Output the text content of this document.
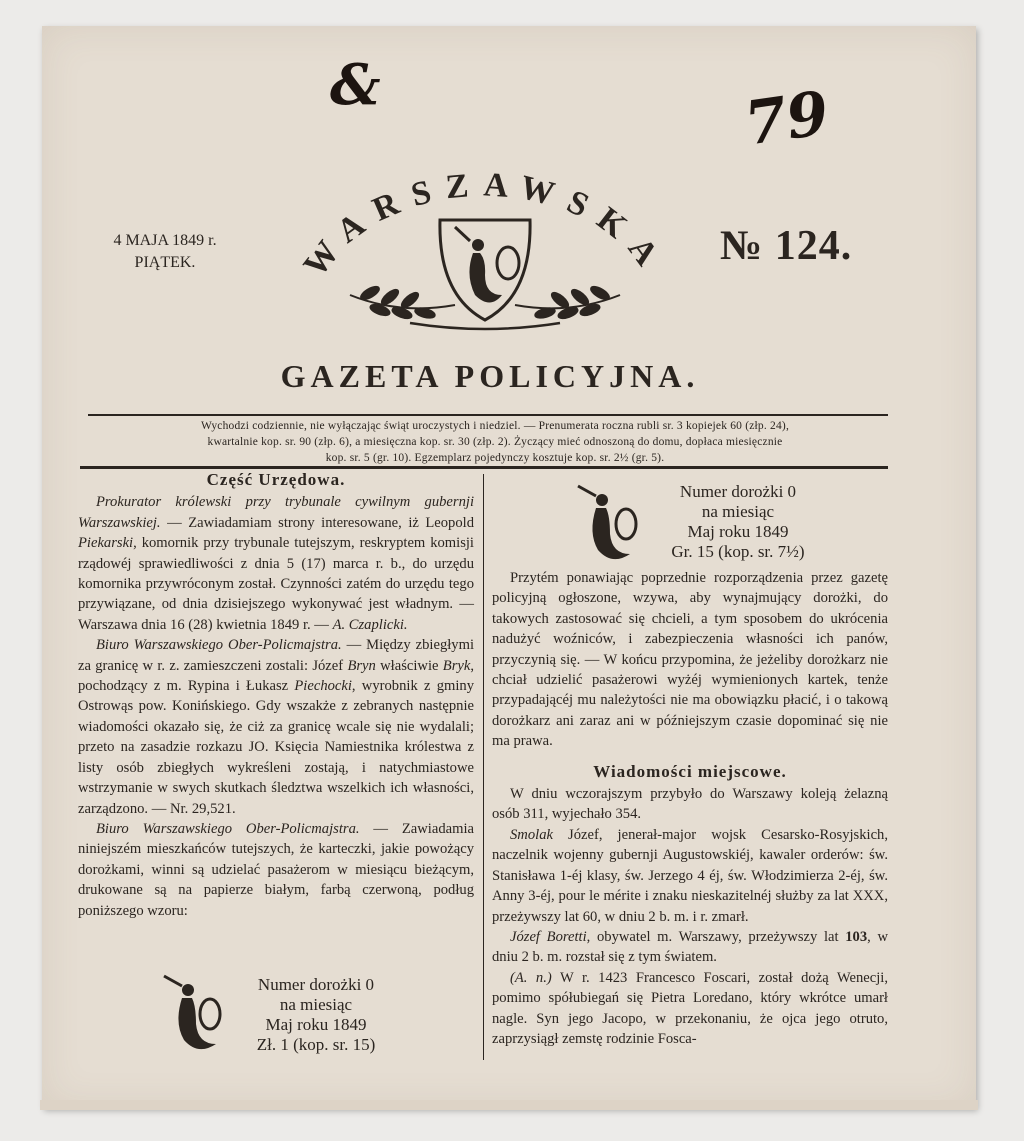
&	79
WARSZAWSKA
4 MAJA 1849 r.
PIĄTEK.	№ 124.
GAZETA POLICYJNA.
Wychodzi codziennie, nie wyłączając świąt uroczystych i niedziel. — Prenumerata roczna rubli sr. 3 kopiejek 60 (złp. 24),
kwartalnie kop. sr. 90 (złp. 6), a miesięczna kop. sr. 30 (złp. 2). Życzący mieć odnoszoną do domu, dopłaca miesięcznie
kop. sr. 5 (gr. 10). Egzemplarz pojedynczy kosztuje kop. sr. 2½ (gr. 5).
Część Urzędowa.

Prokurator królewski przy trybunale cywilnym gubernji Warszawskiej. — Zawiadamiam strony interesowane, iż Leopold Piekarski, komornik przy trybunale tutejszym, reskryptem komisji rządowéj sprawiedliwości z dnia 5 (17) marca r. b., do urzędu komornika przywróconym został. Czynności zatém do urzędu tego przywiązane, od dnia dzisiejszego wykonywać jest władnym. — Warszawa dnia 16 (28) kwietnia 1849 r. — A. Czaplicki.

Biuro Warszawskiego Ober-Policmajstra. — Między zbiegłymi za granicę w r. z. zamieszczeni zostali: Józef Bryn właściwie Bryk, pochodzący z m. Rypina i Łukasz Piechocki, wyrobnik z gminy Ostrowąs pow. Konińskiego. Gdy wszakże z zebranych następnie wiadomości okazało się, że ciż za granicę wcale się nie wydalali; przeto na zasadzie rozkazu JO. Księcia Namiestnika królestwa z listy osób zbiegłych wykreśleni zostają, i natychmiastowe wstrzymanie w swych skutkach śledztwa wszelkich ich własności, zarządzono. — Nr. 29,521.

Biuro Warszawskiego Ober-Policmajstra. — Zawiadamia niniejszém mieszkańców tutejszych, że karteczki, jakie powożący dorożkami, winni są udzielać pasażerom w miesiącu bieżącym, drukowane są na papierze białym, farbą czerwoną, podług poniższego wzoru:

Numer dorożki 0
na miesiąc
Maj roku 1849
Zł. 1 (kop. sr. 15)
Numer dorożki 0
na miesiąc
Maj roku 1849
Gr. 15 (kop. sr. 7½)

Przytém ponawiając poprzednie rozporządzenia przez gazetę policyjną ogłoszone, wzywa, aby wynajmujący dorożki, do takowych zastosować się chcieli, a tym sposobem do ukrócenia nadużyć woźniców, i zabezpieczenia własności ich panów, przyczynią się. — W końcu przypomina, że jeżeliby dorożkarz nie chciał udzielić pasażerowi wyżéj wymienionych kartek, tenże przypadającéj mu należytości nie ma obowiązku płacić, i o takową dorożkarz ani zaraz ani w późniejszym czasie dopominać się nie ma prawa.

Wiadomości miejscowe.

W dniu wczorajszym przybyło do Warszawy koleją żelazną osób 311, wyjechało 354.

Smolak Józef, jenerał-major wojsk Cesarsko-Rosyjskich, naczelnik wojenny gubernji Augustowskiéj, kawaler orderów: św. Stanisława 1-éj klasy, św. Jerzego 4 éj, św. Włodzimierza 2-éj, św. Anny 3-éj, pour le mérite i znaku nieskazitelnéj służby za lat XXX, przeżywszy lat 60, w dniu 2 b. m. i r. zmarł.

Józef Boretti, obywatel m. Warszawy, przeżywszy lat 103, w dniu 2 b. m. rozstał się z tym światem.

(A. n.) W r. 1423 Francesco Foscari, został dożą Wenecji, pomimo spółubiegań się Pietra Loredano, który wkrótce umarł nagle. Syn jego Jacopo, w przekonaniu, że ojca jego otruto, zaprzysiągł zemstę rodzinie Fosca-
